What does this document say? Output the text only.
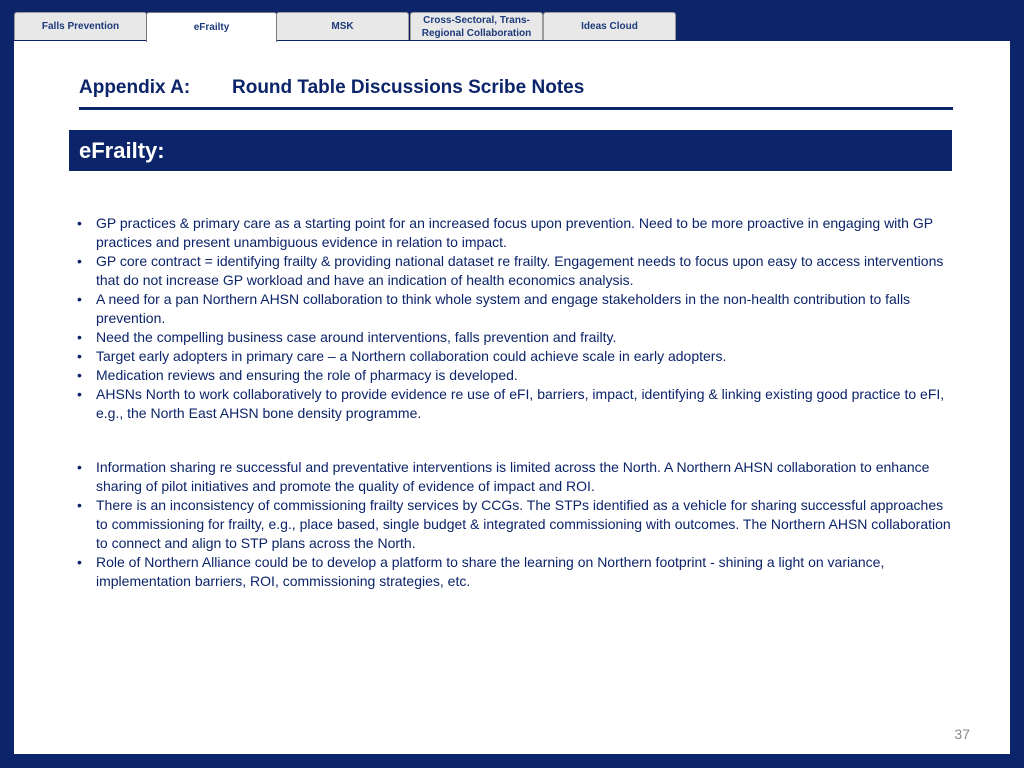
Falls Prevention	eFrailty	MSK
Cross-Sectoral, Trans-
Regional Collaboration
Ideas Cloud
Appendix A: Round Table Discussions Scribe Notes
eFrailty:
• GP practices & primary care as a starting point for an increased focus upon prevention. Need to be more proactive in engaging with GP practices and present unambiguous evidence in relation to impact.
• GP core contract = identifying frailty & providing national dataset re frailty. Engagement needs to focus upon easy to access interventions that do not increase GP workload and have an indication of health economics analysis.
• A need for a pan Northern AHSN collaboration to think whole system and engage stakeholders in the non-health contribution to falls prevention.
• Need the compelling business case around interventions, falls prevention and frailty.
• Target early adopters in primary care – a Northern collaboration could achieve scale in early adopters.
• Medication reviews and ensuring the role of pharmacy is developed.
• AHSNs North to work collaboratively to provide evidence re use of eFI, barriers, impact, identifying & linking existing good practice to eFI, e.g., the North East AHSN bone density programme.
• Information sharing re successful and preventative interventions is limited across the North. A Northern AHSN collaboration to enhance sharing of pilot initiatives and promote the quality of evidence of impact and ROI.
• There is an inconsistency of commissioning frailty services by CCGs. The STPs identified as a vehicle for sharing successful approaches to commissioning for frailty, e.g., place based, single budget & integrated commissioning with outcomes. The Northern AHSN collaboration to connect and align to STP plans across the North.
• Role of Northern Alliance could be to develop a platform to share the learning on Northern footprint - shining a light on variance, implementation barriers, ROI, commissioning strategies, etc.
37
